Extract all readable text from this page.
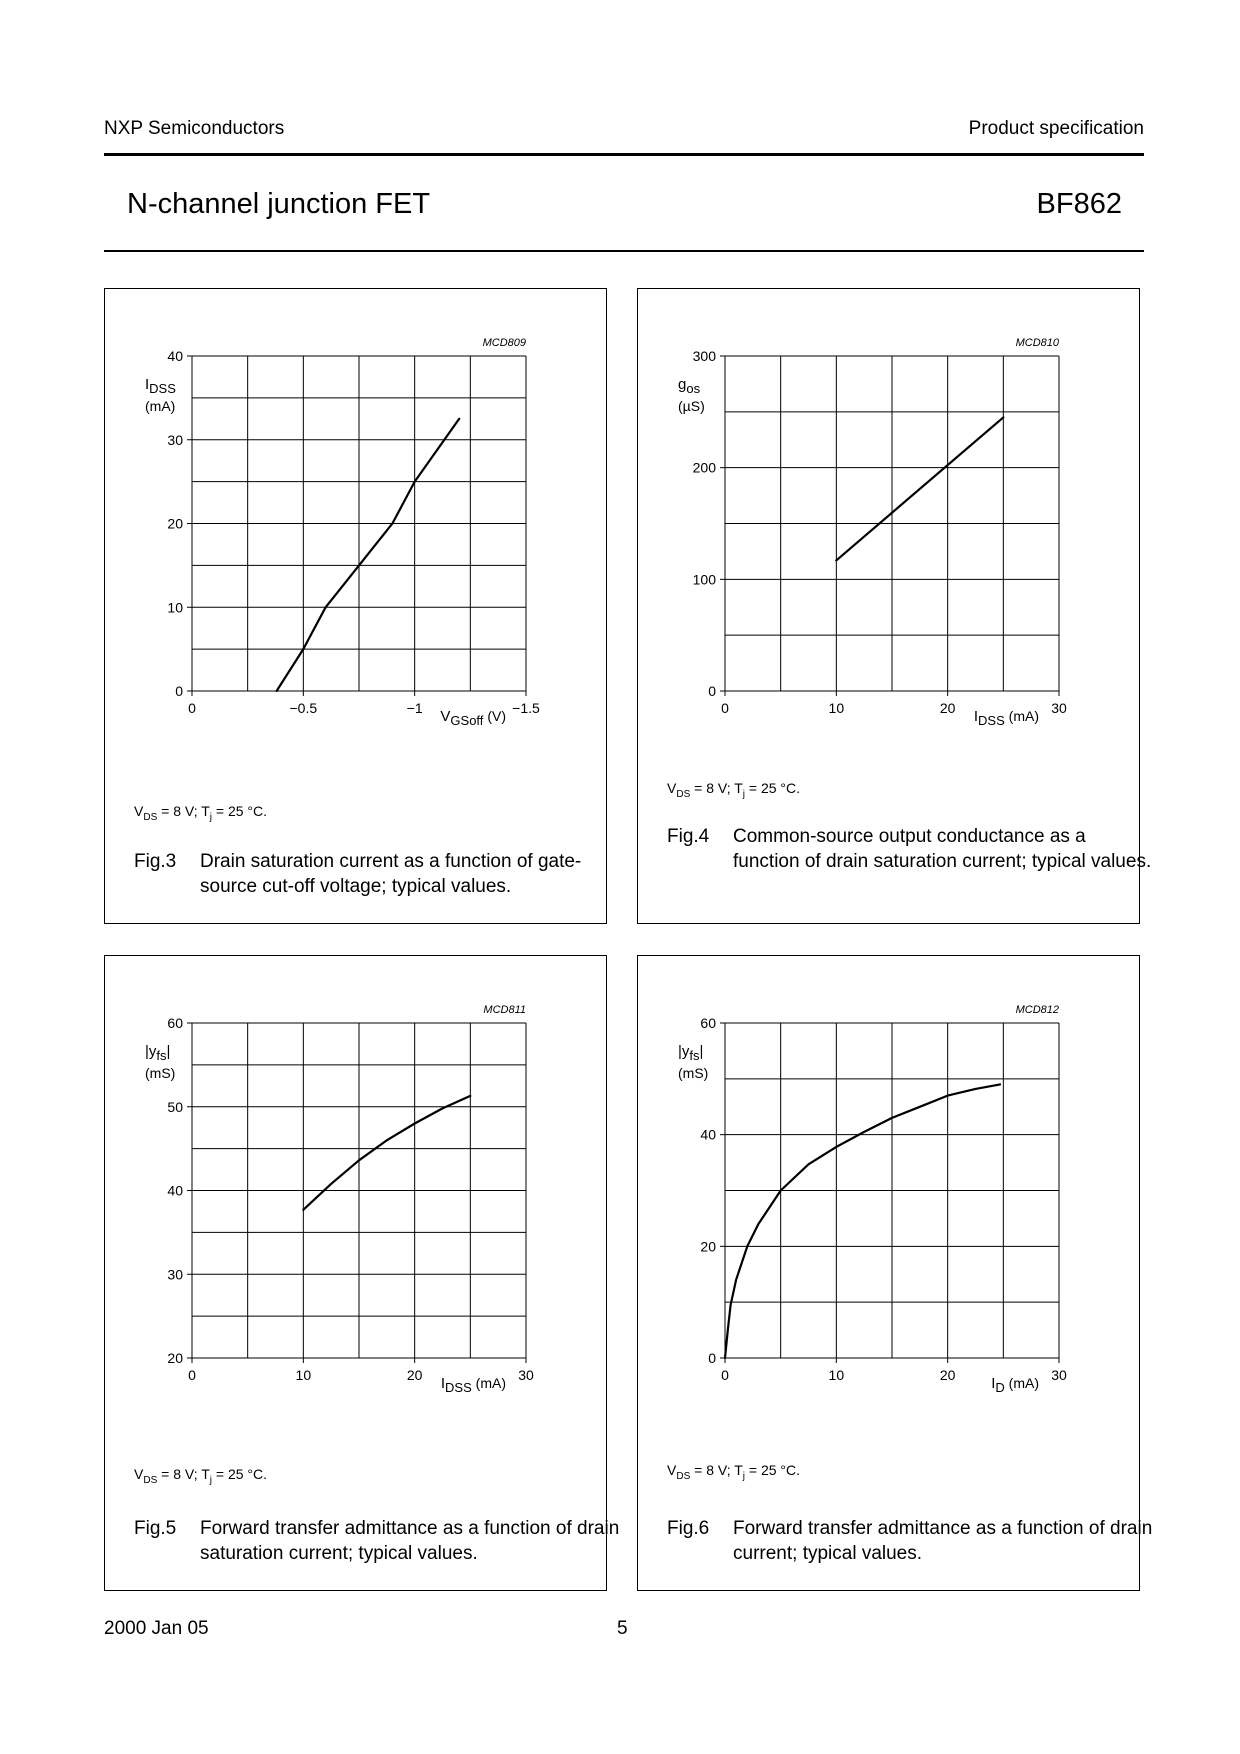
NXP Semiconductors	Product specification
N-channel junction FET	BF862
0
10
20
30
40
0	−0.5	−1	−1.5
MCD809
IDSS
(mA)
VGSoff (V)
$V_{DS} = 8$ V; $T_j = 25$ °C.
Fig.3 Drain saturation current as a function of gate-source cut-off voltage; typical values.
0
100
200
300
0	10	20	30
MCD810
gos
(µS)
IDSS (mA)
$V_{DS} = 8$ V; $T_j = 25$ °C.
Fig.4 Common-source output conductance as a function of drain saturation current; typical values.
20
30
40
50
60
0	10	20	30
MCD811
|yfs|
(mS)
IDSS (mA)
$V_{DS} = 8$ V; $T_j = 25$ °C.
Fig.5 Forward transfer admittance as a function of drain saturation current; typical values.
0
20
40
60
0	10	20	30
MCD812
|yfs|
(mS)
ID (mA)
$V_{DS} = 8$ V; $T_j = 25$ °C.
Fig.6 Forward transfer admittance as a function of drain current; typical values.
2000 Jan 05	5
